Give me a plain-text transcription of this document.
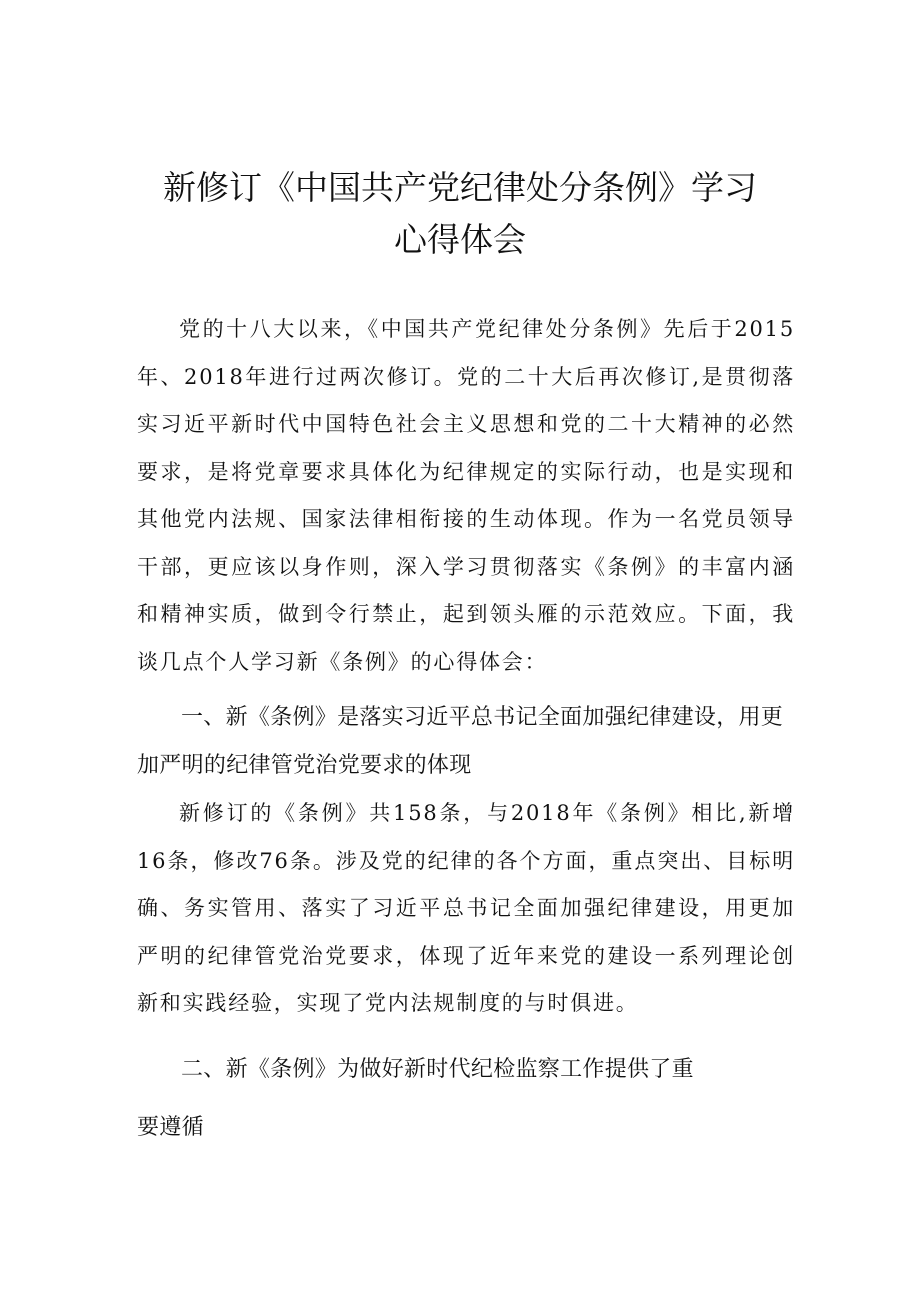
新修订《中国共产党纪律处分条例》学习
心得体会

党的十八大以来，《中国共产党纪律处分条例》先后于2015年、2018年进行过两次修订。党的二十大后再次修订,是贯彻落实习近平新时代中国特色社会主义思想和党的二十大精神的必然要求，是将党章要求具体化为纪律规定的实际行动，也是实现和其他党内法规、国家法律相衔接的生动体现。作为一名党员领导干部，更应该以身作则，深入学习贯彻落实《条例》的丰富内涵和精神实质，做到令行禁止，起到领头雁的示范效应。下面，我谈几点个人学习新《条例》的心得体会：

一、新《条例》是落实习近平总书记全面加强纪律建设，用更加严明的纪律管党治党要求的体现

新修订的《条例》共158条，与2018年《条例》相比,新增16条，修改76条。涉及党的纪律的各个方面，重点突出、目标明确、务实管用、落实了习近平总书记全面加强纪律建设，用更加严明的纪律管党治党要求，体现了近年来党的建设一系列理论创新和实践经验，实现了党内法规制度的与时俱进。

二、新《条例》为做好新时代纪检监察工作提供了重

要遵循
